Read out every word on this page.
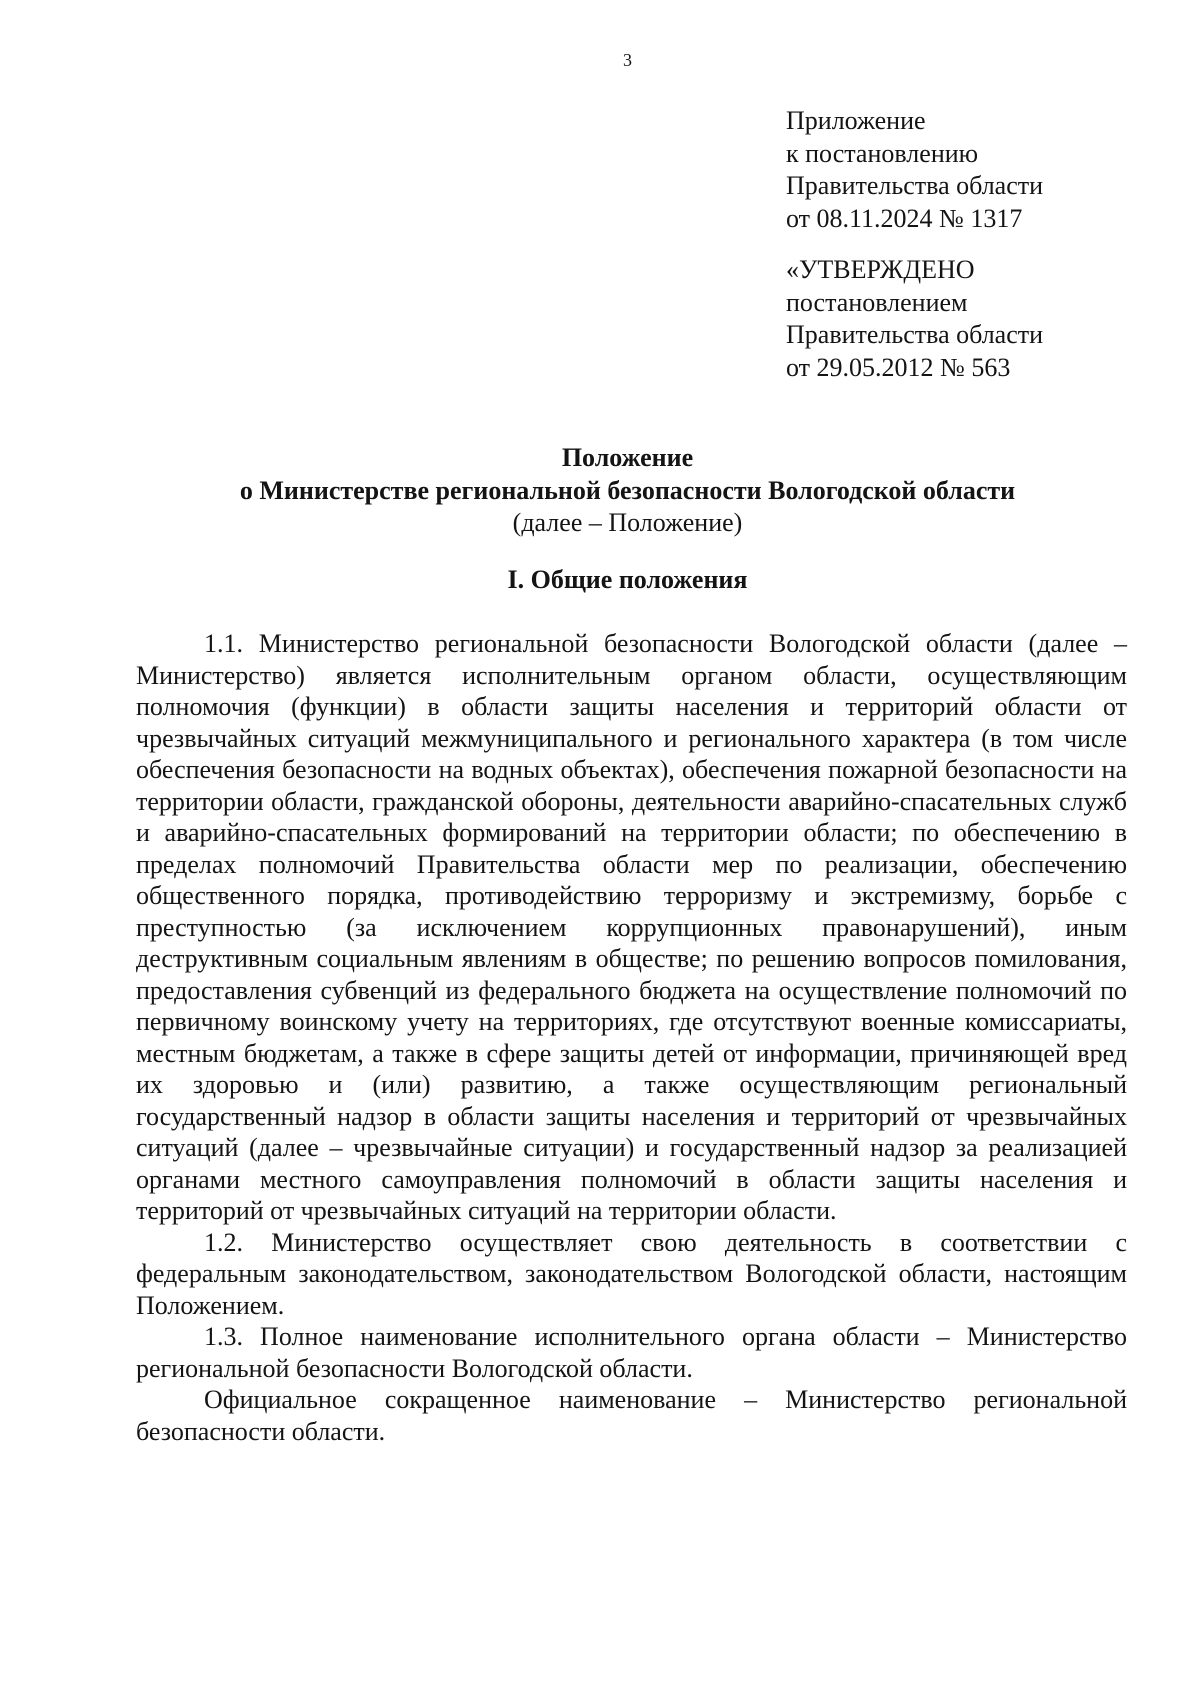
3
Приложение
к постановлению
Правительства области
от 08.11.2024 № 1317
«УТВЕРЖДЕНО
постановлением
Правительства области
от 29.05.2012 № 563
Положение
о Министерстве региональной безопасности Вологодской области
(далее – Положение)
I. Общие положения

1.1. Министерство региональной безопасности Вологодской области (далее – Министерство) является исполнительным органом области, осуществляющим полномочия (функции) в области защиты населения и территорий области от чрезвычайных ситуаций межмуниципального и регионального характера (в том числе обеспечения безопасности на водных объектах), обеспечения пожарной безопасности на территории области, гражданской обороны, деятельности аварийно-спасательных служб и аварийно-спасательных формирований на территории области; по обеспечению в пределах полномочий Правительства области мер по реализации, обеспечению общественного порядка, противодействию терроризму и экстремизму, борьбе с преступностью (за исключением коррупционных правонарушений), иным деструктивным социальным явлениям в обществе; по решению вопросов помилования, предоставления субвенций из федерального бюджета на осуществление полномочий по первичному воинскому учету на территориях, где отсутствуют военные комиссариаты, местным бюджетам, а также в сфере защиты детей от информации, причиняющей вред их здоровью и (или) развитию, а также осуществляющим региональный государственный надзор в области защиты населения и территорий от чрезвычайных ситуаций (далее – чрезвычайные ситуации) и государственный надзор за реализацией органами местного самоуправления полномочий в области защиты населения и территорий от чрезвычайных ситуаций на территории области.

1.2. Министерство осуществляет свою деятельность в соответствии с федеральным законодательством, законодательством Вологодской области, настоящим Положением.

1.3. Полное наименование исполнительного органа области – Министерство региональной безопасности Вологодской области.

Официальное сокращенное наименование – Министерство региональной безопасности области.
